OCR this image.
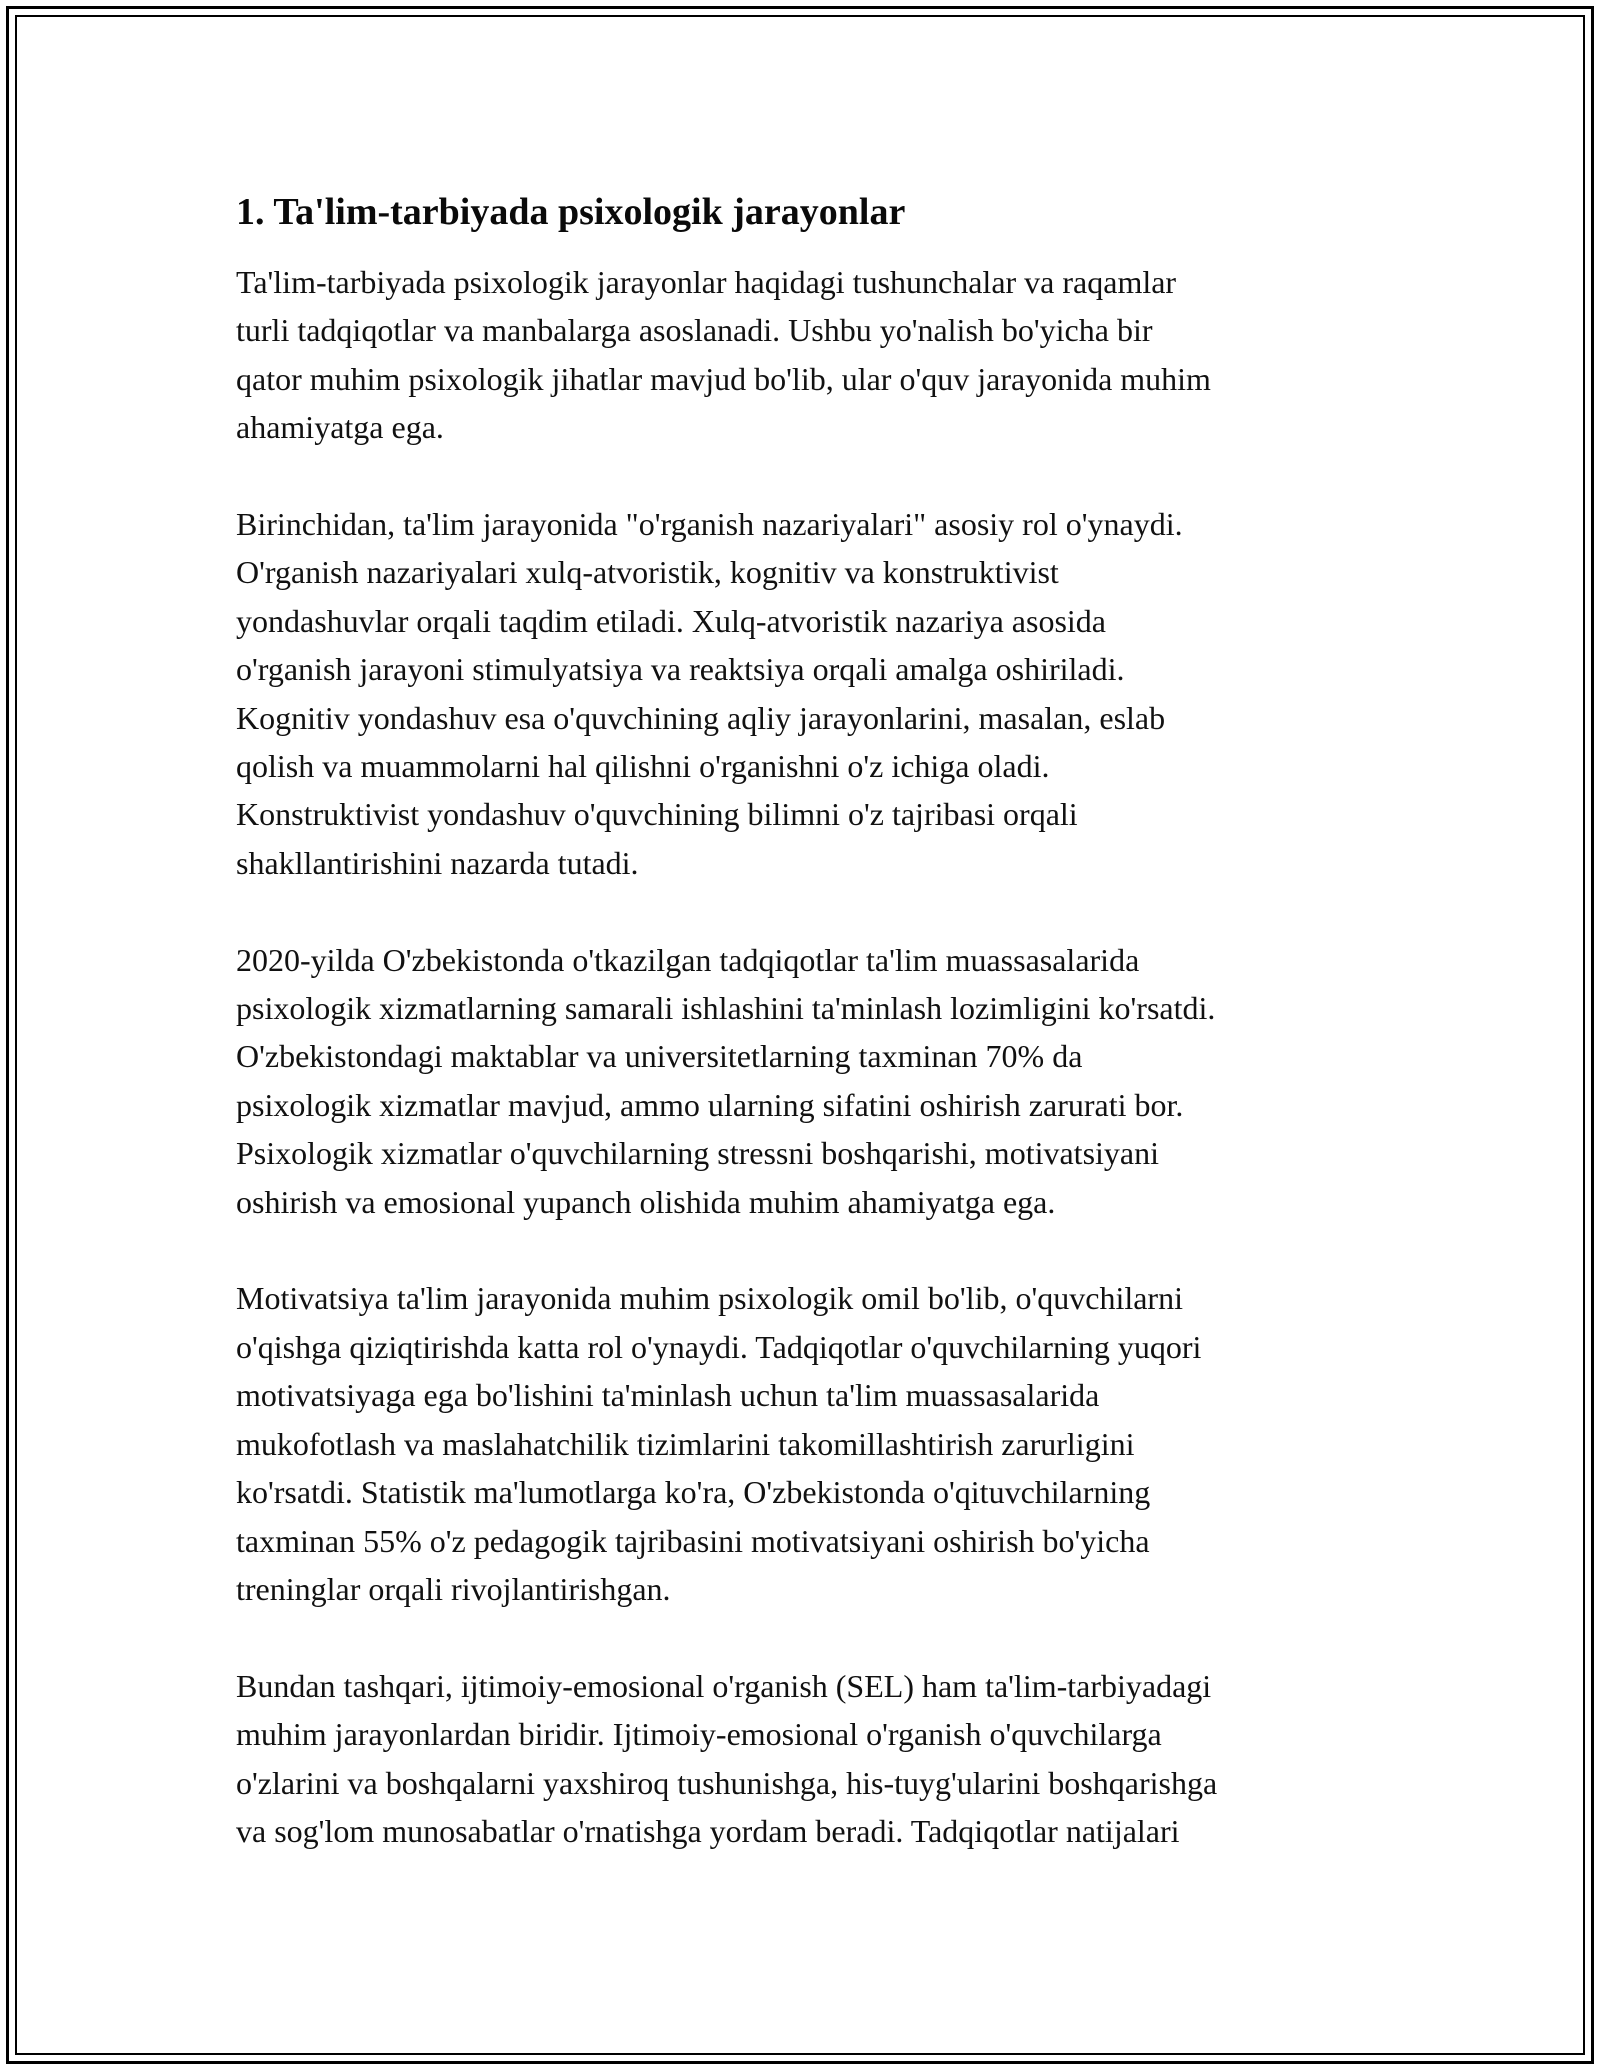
1. Ta'lim-tarbiyada psixologik jarayonlar

Ta'lim-tarbiyada psixologik jarayonlar haqidagi tushunchalar va raqamlar
turli tadqiqotlar va manbalarga asoslanadi. Ushbu yo'nalish bo'yicha bir
qator muhim psixologik jihatlar mavjud bo'lib, ular o'quv jarayonida muhim
ahamiyatga ega.

Birinchidan, ta'lim jarayonida "o'rganish nazariyalari" asosiy rol o'ynaydi.
O'rganish nazariyalari xulq-atvoristik, kognitiv va konstruktivist
yondashuvlar orqali taqdim etiladi. Xulq-atvoristik nazariya asosida
o'rganish jarayoni stimulyatsiya va reaktsiya orqali amalga oshiriladi.
Kognitiv yondashuv esa o'quvchining aqliy jarayonlarini, masalan, eslab
qolish va muammolarni hal qilishni o'rganishni o'z ichiga oladi.
Konstruktivist yondashuv o'quvchining bilimni o'z tajribasi orqali
shakllantirishini nazarda tutadi.

2020-yilda O'zbekistonda o'tkazilgan tadqiqotlar ta'lim muassasalarida
psixologik xizmatlarning samarali ishlashini ta'minlash lozimligini ko'rsatdi.
O'zbekistondagi maktablar va universitetlarning taxminan 70% da
psixologik xizmatlar mavjud, ammo ularning sifatini oshirish zarurati bor.
Psixologik xizmatlar o'quvchilarning stressni boshqarishi, motivatsiyani
oshirish va emosional yupanch olishida muhim ahamiyatga ega.

Motivatsiya ta'lim jarayonida muhim psixologik omil bo'lib, o'quvchilarni
o'qishga qiziqtirishda katta rol o'ynaydi. Tadqiqotlar o'quvchilarning yuqori
motivatsiyaga ega bo'lishini ta'minlash uchun ta'lim muassasalarida
mukofotlash va maslahatchilik tizimlarini takomillashtirish zarurligini
ko'rsatdi. Statistik ma'lumotlarga ko'ra, O'zbekistonda o'qituvchilarning
taxminan 55% o'z pedagogik tajribasini motivatsiyani oshirish bo'yicha
treninglar orqali rivojlantirishgan.

Bundan tashqari, ijtimoiy-emosional o'rganish (SEL) ham ta'lim-tarbiyadagi
muhim jarayonlardan biridir. Ijtimoiy-emosional o'rganish o'quvchilarga
o'zlarini va boshqalarni yaxshiroq tushunishga, his-tuyg'ularini boshqarishga
va sog'lom munosabatlar o'rnatishga yordam beradi. Tadqiqotlar natijalari
